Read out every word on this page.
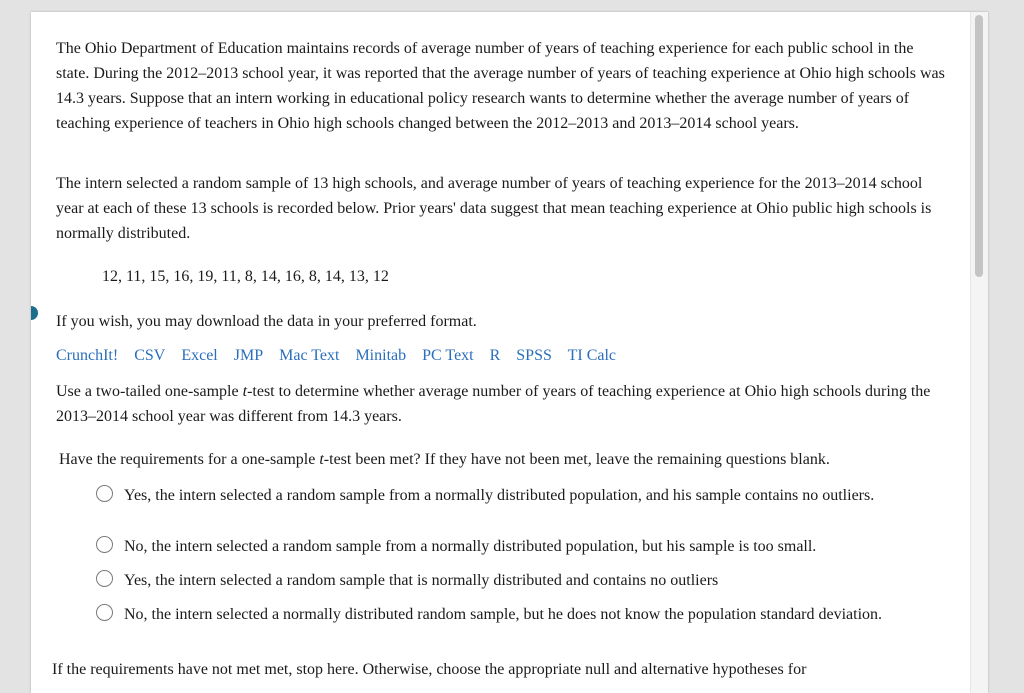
The Ohio Department of Education maintains records of average number of years of teaching experience for each public school in the state. During the 2012–2013 school year, it was reported that the average number of years of teaching experience at Ohio high schools was 14.3 years. Suppose that an intern working in educational policy research wants to determine whether the average number of years of teaching experience of teachers in Ohio high schools changed between the 2012–2013 and 2013–2014 school years.

The intern selected a random sample of 13 high schools, and average number of years of teaching experience for the 2013–2014 school year at each of these 13 schools is recorded below. Prior years' data suggest that mean teaching experience at Ohio public high schools is normally distributed.

12, 11, 15, 16, 19, 11, 8, 14, 16, 8, 14, 13, 12

If you wish, you may download the data in your preferred format.

CrunchIt! CSV Excel JMP Mac Text Minitab PC Text R SPSS TI Calc

Use a two-tailed one-sample t-test to determine whether average number of years of teaching experience at Ohio high schools during the 2013–2014 school year was different from 14.3 years.

Have the requirements for a one-sample t-test been met? If they have not been met, leave the remaining questions blank.
Yes, the intern selected a random sample from a normally distributed population, and his sample contains no outliers.
No, the intern selected a random sample from a normally distributed population, but his sample is too small.
Yes, the intern selected a random sample that is normally distributed and contains no outliers
No, the intern selected a normally distributed random sample, but he does not know the population standard deviation.

If the requirements have not met met, stop here. Otherwise, choose the appropriate null and alternative hypotheses for
